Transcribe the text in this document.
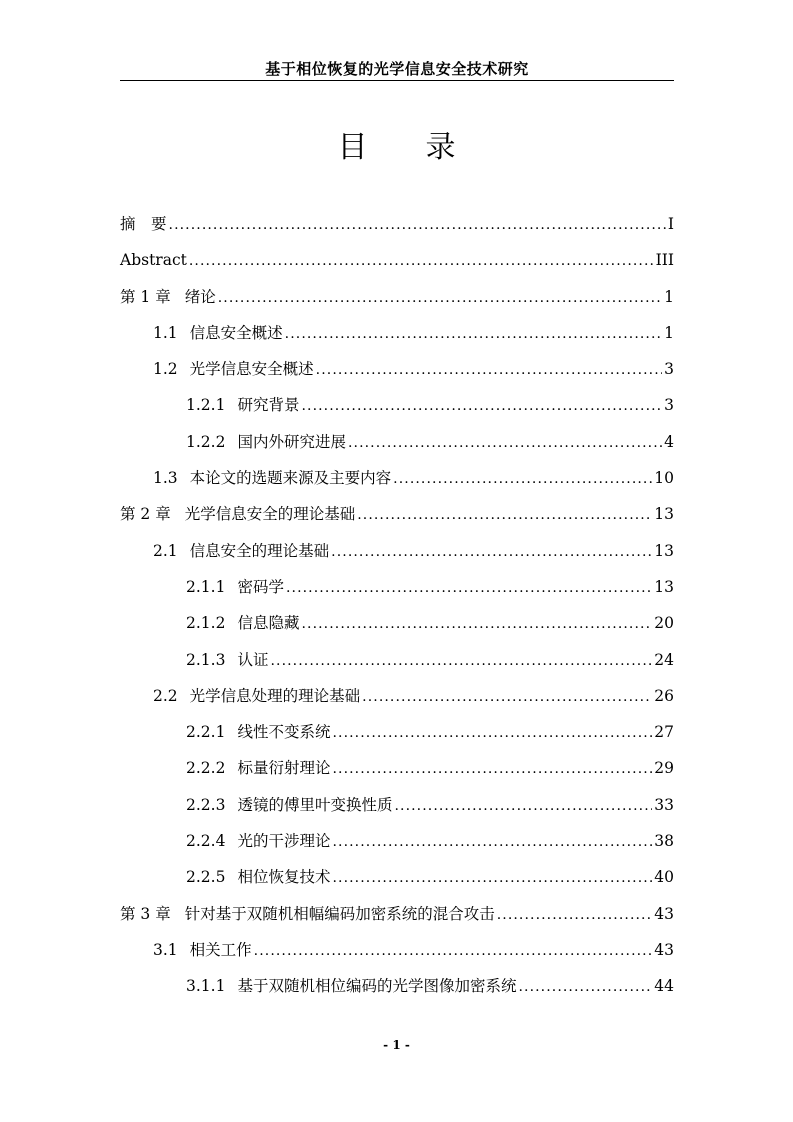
基于相位恢复的光学信息安全技术研究
目 录
摘　要 .....	I
Abstract .....	III
第 1 章 绪论 .....	1
1.1 信息安全概述 .....	1
1.2 光学信息安全概述 .....	3
1.2.1 研究背景 .....	3
1.2.2 国内外研究进展 .....	4
1.3 本论文的选题来源及主要内容 .....	10
第 2 章 光学信息安全的理论基础 .....	13
2.1 信息安全的理论基础 .....	13
2.1.1 密码学 .....	13
2.1.2 信息隐藏 .....	20
2.1.3 认证 .....	24
2.2 光学信息处理的理论基础 .....	26
2.2.1 线性不变系统 .....	27
2.2.2 标量衍射理论 .....	29
2.2.3 透镜的傅里叶变换性质 .....	33
2.2.4 光的干涉理论 .....	38
2.2.5 相位恢复技术 .....	40
第 3 章 针对基于双随机相幅编码加密系统的混合攻击 .....	43
3.1 相关工作 .....	43
3.1.1 基于双随机相位编码的光学图像加密系统 .....	44
- 1 -
